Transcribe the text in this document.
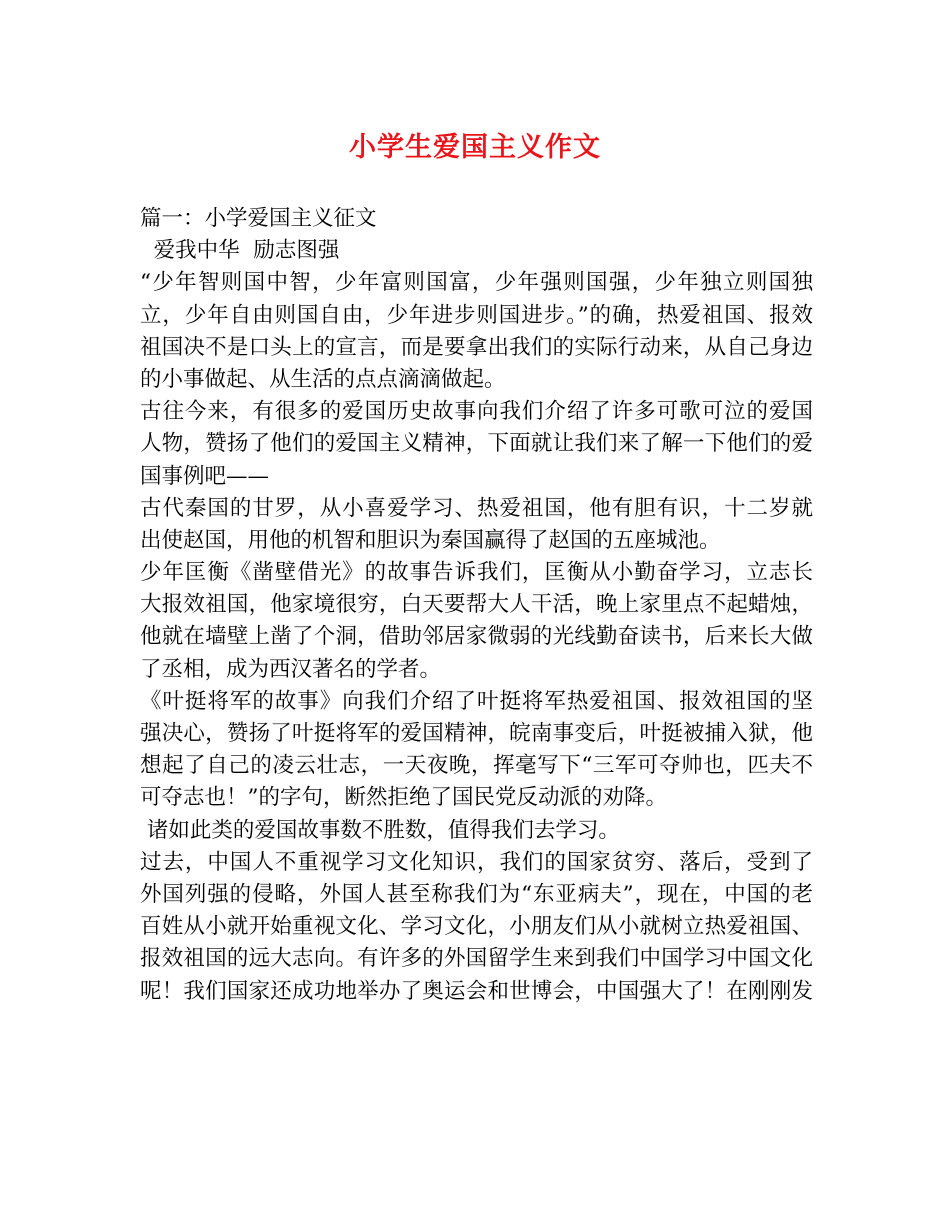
小学生爱国主义作文
篇一：小学爱国主义征文
爱我中华  励志图强
“少年智则国中智，少年富则国富，少年强则国强，少年独立则国独
立，少年自由则国自由，少年进步则国进步。”的确，热爱祖国、报效
祖国决不是口头上的宣言，而是要拿出我们的实际行动来，从自己身边
的小事做起、从生活的点点滴滴做起。
古往今来，有很多的爱国历史故事向我们介绍了许多可歌可泣的爱国
人物，赞扬了他们的爱国主义精神，下面就让我们来了解一下他们的爱
国事例吧——
古代秦国的甘罗，从小喜爱学习、热爱祖国，他有胆有识，十二岁就
出使赵国，用他的机智和胆识为秦国赢得了赵国的五座城池。
少年匡衡《凿壁借光》的故事告诉我们，匡衡从小勤奋学习，立志长
大报效祖国，他家境很穷，白天要帮大人干活，晚上家里点不起蜡烛，
他就在墙壁上凿了个洞，借助邻居家微弱的光线勤奋读书，后来长大做
了丞相，成为西汉著名的学者。
《叶挺将军的故事》向我们介绍了叶挺将军热爱祖国、报效祖国的坚
强决心，赞扬了叶挺将军的爱国精神，皖南事变后，叶挺被捕入狱，他
想起了自己的凌云壮志，一天夜晚，挥毫写下“三军可夺帅也，匹夫不
可夺志也！”的字句，断然拒绝了国民党反动派的劝降。
诸如此类的爱国故事数不胜数，值得我们去学习。
过去，中国人不重视学习文化知识，我们的国家贫穷、落后，受到了
外国列强的侵略，外国人甚至称我们为“东亚病夫”，现在，中国的老
百姓从小就开始重视文化、学习文化，小朋友们从小就树立热爱祖国、
报效祖国的远大志向。有许多的外国留学生来到我们中国学习中国文化
呢！我们国家还成功地举办了奥运会和世博会，中国强大了！在刚刚发
